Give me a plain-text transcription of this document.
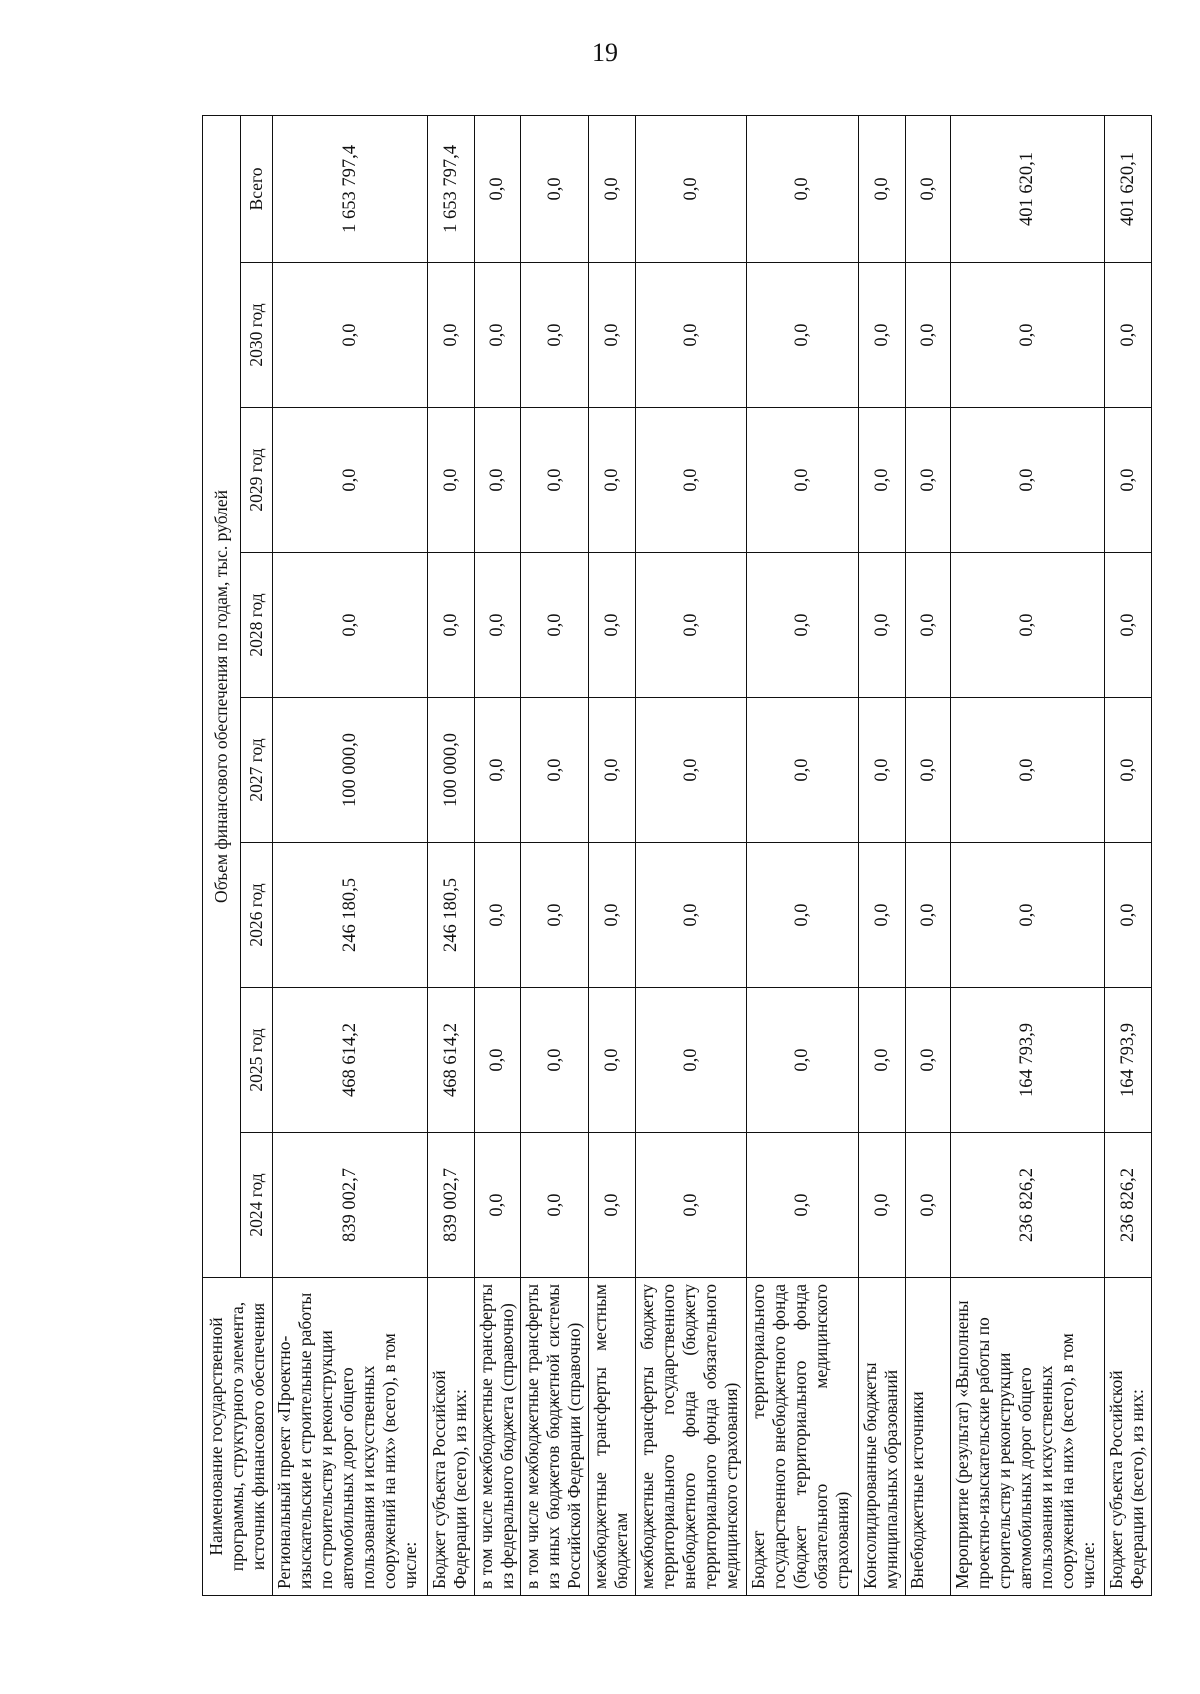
19
Наименование государственной программы, структурного элемента, источник финансового обеспечения	Объем финансового обеспечения по годам, тыс. рублей							
	2024 год	2025 год	2026 год	2027 год	2028 год	2029 год	2030 год	Всего
Региональный проект «Проектно-изыскательские и строительные работы по строительству и реконструкции автомобильных дорог общего пользования и искусственных сооружений на них» (всего), в том числе:	839 002,7	468 614,2	246 180,5	100 000,0	0,0	0,0	0,0	1 653 797,4
Бюджет субъекта Российской Федерации (всего), из них:	839 002,7	468 614,2	246 180,5	100 000,0	0,0	0,0	0,0	1 653 797,4
в том числе межбюджетные трансферты из федерального бюджета (справочно)	0,0	0,0	0,0	0,0	0,0	0,0	0,0	0,0
в том числе межбюджетные трансферты из иных бюджетов бюджетной системы Российской Федерации (справочно)	0,0	0,0	0,0	0,0	0,0	0,0	0,0	0,0
межбюджетные трансферты местным бюджетам	0,0	0,0	0,0	0,0	0,0	0,0	0,0	0,0
межбюджетные трансферты бюджету территориального государственного внебюджетного фонда (бюджету территориального фонда обязательного медицинского страхования)	0,0	0,0	0,0	0,0	0,0	0,0	0,0	0,0
Бюджет территориального государственного внебюджетного фонда (бюджет территориального фонда обязательного медицинского страхования)	0,0	0,0	0,0	0,0	0,0	0,0	0,0	0,0
Консолидированные бюджеты муниципальных образований	0,0	0,0	0,0	0,0	0,0	0,0	0,0	0,0
Внебюджетные источники	0,0	0,0	0,0	0,0	0,0	0,0	0,0	0,0
Мероприятие (результат) «Выполнены проектно-изыскательские работы по строительству и реконструкции автомобильных дорог общего пользования и искусственных сооружений на них» (всего), в том числе:	236 826,2	164 793,9	0,0	0,0	0,0	0,0	0,0	401 620,1
Бюджет субъекта Российской Федерации (всего), из них:	236 826,2	164 793,9	0,0	0,0	0,0	0,0	0,0	401 620,1
